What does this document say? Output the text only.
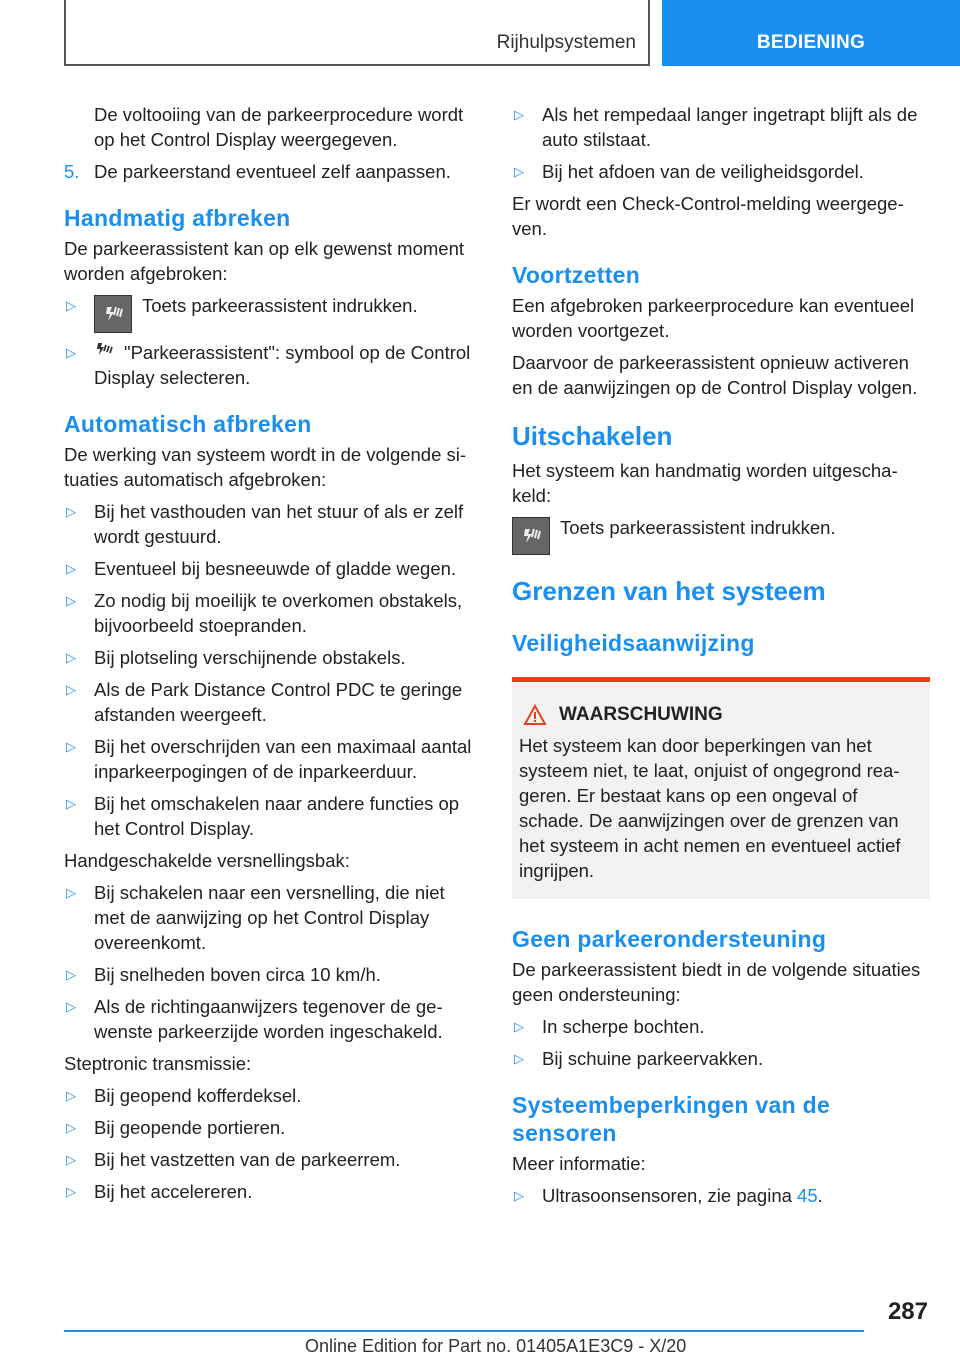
Rijhulpsystemen	BEDIENING
De voltooiing van de parkeerprocedure wordt op het Control Display weergegeven.
5. De parkeerstand eventueel zelf aanpassen.
Handmatig afbreken
De parkeerassistent kan op elk gewenst moment worden afgebroken:
▷	Toets parkeerassistent indrukken.
▷	"Parkeerassistent": symbool op de Control Display selecteren.
Automatisch afbreken
De werking van systeem wordt in de volgende situaties automatisch afgebroken:
▷ Bij het vasthouden van het stuur of als er zelf wordt gestuurd.
▷ Eventueel bij besneeuwde of gladde wegen.
▷ Zo nodig bij moeilijk te overkomen obstakels, bijvoorbeeld stoepranden.
▷ Bij plotseling verschijnende obstakels.
▷ Als de Park Distance Control PDC te geringe afstanden weergeeft.
▷ Bij het overschrijden van een maximaal aantal inparkeerpogingen of de inparkeerduur.
▷ Bij het omschakelen naar andere functies op het Control Display.
Handgeschakelde versnellingsbak:
▷ Bij schakelen naar een versnelling, die niet met de aanwijzing op het Control Display overeenkomt.
▷ Bij snelheden boven circa 10 km/h.
▷ Als de richtingaanwijzers tegenover de gewenste parkeerzijde worden ingeschakeld.
Steptronic transmissie:
▷ Bij geopend kofferdeksel.
▷ Bij geopende portieren.
▷ Bij het vastzetten van de parkeerrem.
▷ Bij het accelereren.
▷ Als het rempedaal langer ingetrapt blijft als de auto stilstaat.
▷ Bij het afdoen van de veiligheidsgordel.
Er wordt een Check-Control-melding weergegeven.
Voortzetten
Een afgebroken parkeerprocedure kan eventueel worden voortgezet.
Daarvoor de parkeerassistent opnieuw activeren en de aanwijzingen op de Control Display volgen.
Uitschakelen
Het systeem kan handmatig worden uitgeschakeld:
Toets parkeerassistent indrukken.
Grenzen van het systeem
Veiligheidsaanwijzing
WAARSCHUWING
Het systeem kan door beperkingen van het systeem niet, te laat, onjuist of ongegrond reageren. Er bestaat kans op een ongeval of schade. De aanwijzingen over de grenzen van het systeem in acht nemen en eventueel actief ingrijpen.
Geen parkeerondersteuning
De parkeerassistent biedt in de volgende situaties geen ondersteuning:
▷ In scherpe bochten.
▷ Bij schuine parkeervakken.
Systeembeperkingen van de sensoren
Meer informatie:
▷ Ultrasoonsensoren, zie pagina 45.
287
Online Edition for Part no. 01405A1E3C9 - X/20
